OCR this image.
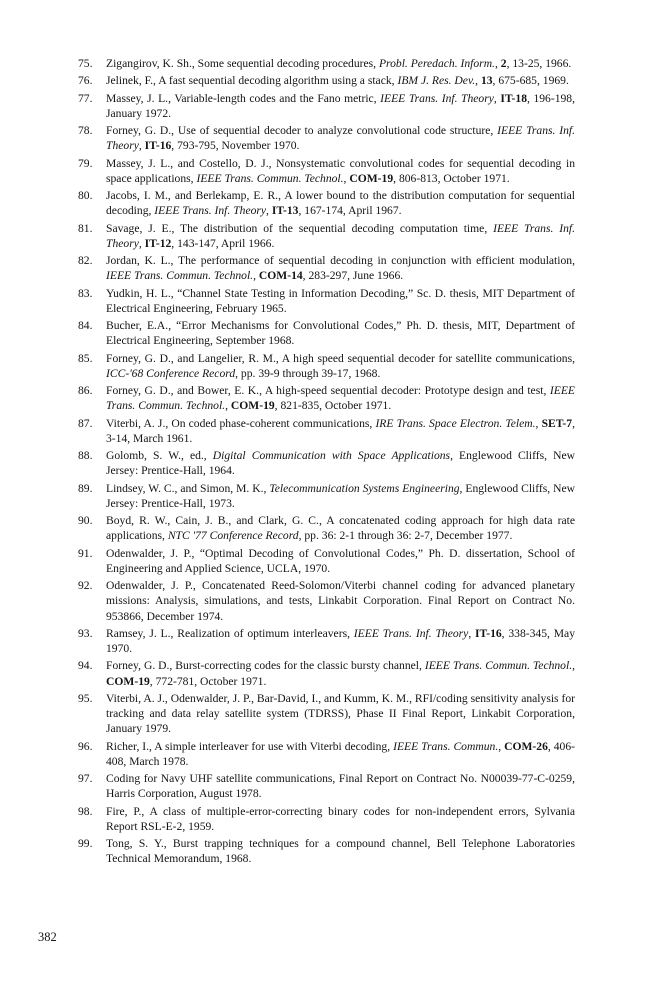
75.	Zigangirov, K. Sh., Some sequential decoding procedures, Probl. Peredach. Inform., 2, 13-25, 1966.
76.	Jelinek, F., A fast sequential decoding algorithm using a stack, IBM J. Res. Dev., 13, 675-685, 1969.
77.	Massey, J. L., Variable-length codes and the Fano metric, IEEE Trans. Inf. Theory, IT-18, 196-198, January 1972.
78.	Forney, G. D., Use of sequential decoder to analyze convolutional code structure, IEEE Trans. Inf. Theory, IT-16, 793-795, November 1970.
79.	Massey, J. L., and Costello, D. J., Nonsystematic convolutional codes for sequential decoding in space applications, IEEE Trans. Commun. Technol., COM-19, 806-813, October 1971.
80.	Jacobs, I. M., and Berlekamp, E. R., A lower bound to the distribution computation for sequential decoding, IEEE Trans. Inf. Theory, IT-13, 167-174, April 1967.
81.	Savage, J. E., The distribution of the sequential decoding computation time, IEEE Trans. Inf. Theory, IT-12, 143-147, April 1966.
82.	Jordan, K. L., The performance of sequential decoding in conjunction with efficient modulation, IEEE Trans. Commun. Technol., COM-14, 283-297, June 1966.
83.	Yudkin, H. L., “Channel State Testing in Information Decoding,” Sc. D. thesis, MIT Department of Electrical Engineering, February 1965.
84.	Bucher, E.A., “Error Mechanisms for Convolutional Codes,” Ph. D. thesis, MIT, Department of Electrical Engineering, September 1968.
85.	Forney, G. D., and Langelier, R. M., A high speed sequential decoder for satellite communications, ICC-'68 Conference Record, pp. 39-9 through 39-17, 1968.
86.	Forney, G. D., and Bower, E. K., A high-speed sequential decoder: Prototype design and test, IEEE Trans. Commun. Technol., COM-19, 821-835, October 1971.
87.	Viterbi, A. J., On coded phase-coherent communications, IRE Trans. Space Electron. Telem., SET-7, 3-14, March 1961.
88.	Golomb, S. W., ed., Digital Communication with Space Applications, Englewood Cliffs, New Jersey: Prentice-Hall, 1964.
89.	Lindsey, W. C., and Simon, M. K., Telecommunication Systems Engineering, Englewood Cliffs, New Jersey: Prentice-Hall, 1973.
90.	Boyd, R. W., Cain, J. B., and Clark, G. C., A concatenated coding approach for high data rate applications, NTC '77 Conference Record, pp. 36: 2-1 through 36: 2-7, December 1977.
91.	Odenwalder, J. P., “Optimal Decoding of Convolutional Codes,” Ph. D. dissertation, School of Engineering and Applied Science, UCLA, 1970.
92.	Odenwalder, J. P., Concatenated Reed-Solomon/Viterbi channel coding for advanced planetary missions: Analysis, simulations, and tests, Linkabit Corporation. Final Report on Contract No. 953866, December 1974.
93.	Ramsey, J. L., Realization of optimum interleavers, IEEE Trans. Inf. Theory, IT-16, 338-345, May 1970.
94.	Forney, G. D., Burst-correcting codes for the classic bursty channel, IEEE Trans. Commun. Technol., COM-19, 772-781, October 1971.
95.	Viterbi, A. J., Odenwalder, J. P., Bar-David, I., and Kumm, K. M., RFI/coding sensitivity analysis for tracking and data relay satellite system (TDRSS), Phase II Final Report, Linkabit Corporation, January 1979.
96.	Richer, I., A simple interleaver for use with Viterbi decoding, IEEE Trans. Commun., COM-26, 406-408, March 1978.
97.	Coding for Navy UHF satellite communications, Final Report on Contract No. N00039-77-C-0259, Harris Corporation, August 1978.
98.	Fire, P., A class of multiple-error-correcting binary codes for non-independent errors, Sylvania Report RSL-E-2, 1959.
99.	Tong, S. Y., Burst trapping techniques for a compound channel, Bell Telephone Laboratories Technical Memorandum, 1968.
382
